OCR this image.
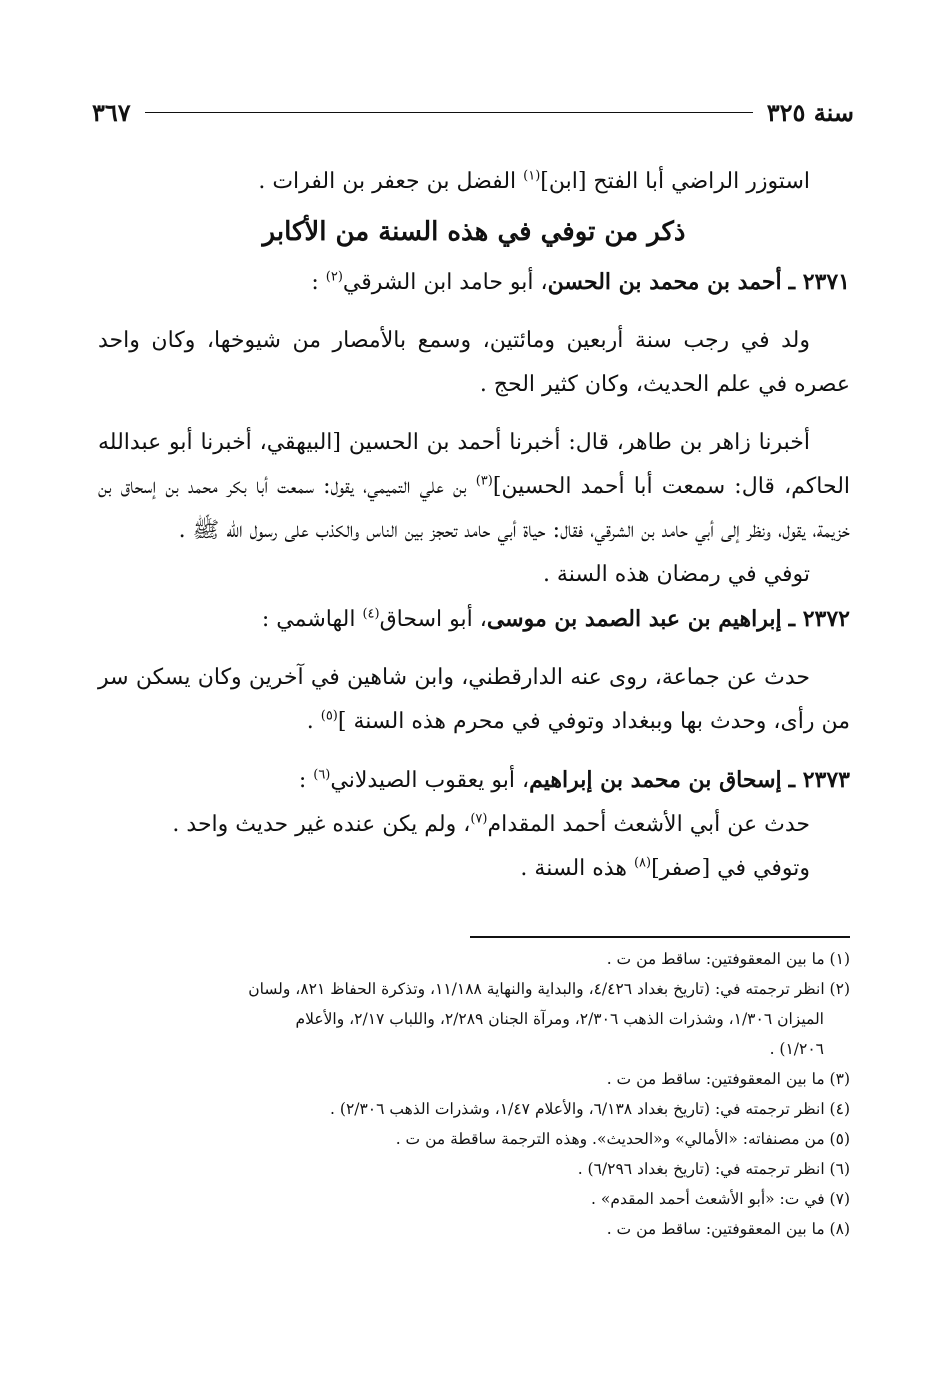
سنة ٣٢٥
٣٦٧

استوزر الراضي أبا الفتح [ابن]$^{(١)}$ الفضل بن جعفر بن الفرات .

ذكر من توفي في هذه السنة من الأكابر

٢٣٧١ ـ أحمد بن محمد بن الحسن، أبو حامد ابن الشرقي$^{(٢)}$ :

ولد في رجب سنة أربعين ومائتين، وسمع بالأمصار من شيوخها، وكان واحد عصره في علم الحديث، وكان كثير الحج .

أخبرنا زاهر بن طاهر، قال: أخبرنا أحمد بن الحسين [البيهقي، أخبرنا أبو عبدالله الحاكم، قال: سمعت أبا أحمد الحسين]$^{(٣)}$ بن علي التميمي، يقول: سمعت أبا بكر محمد بن إسحاق بن خزيمة، يقول، ونظر إلى أبي حامد بن الشرقي، فقال: حياة أبي حامد تحجز بين الناس والكذب على رسول الله ﷺ .

توفي في رمضان هذه السنة .

٢٣٧٢ ـ إبراهيم بن عبد الصمد بن موسى، أبو اسحاق$^{(٤)}$ الهاشمي :

حدث عن جماعة، روى عنه الدارقطني، وابن شاهين في آخرين وكان يسكن سر من رأى، وحدث بها وببغداد وتوفي في محرم هذه السنة ]$^{(٥)}$ .

٢٣٧٣ ـ إسحاق بن محمد بن إبراهيم، أبو يعقوب الصيدلاني$^{(٦)}$ :

حدث عن أبي الأشعث أحمد المقدام$^{(٧)}$، ولم يكن عنده غير حديث واحد .

وتوفي في [صفر]$^{(٨)}$ هذه السنة .

(١) ما بين المعقوفتين: ساقط من ت .

(٢) انظر ترجمته في: (تاريخ بغداد ٤/٤٢٦، والبداية والنهاية ١١/١٨٨، وتذكرة الحفاظ ٨٢١، ولسان

الميزان ١/٣٠٦، وشذرات الذهب ٢/٣٠٦، ومرآة الجنان ٢/٢٨٩، واللباب ٢/١٧، والأعلام

١/٢٠٦) .

(٣) ما بين المعقوفتين: ساقط من ت .

(٤) انظر ترجمته في: (تاريخ بغداد ٦/١٣٨، والأعلام ١/٤٧، وشذرات الذهب ٢/٣٠٦) .

(٥) من مصنفاته: «الأمالي» و«الحديث». وهذه الترجمة ساقطة من ت .

(٦) انظر ترجمته في: (تاريخ بغداد ٦/٢٩٦) .

(٧) في ت: «أبو الأشعث أحمد المقدم» .

(٨) ما بين المعقوفتين: ساقط من ت .
